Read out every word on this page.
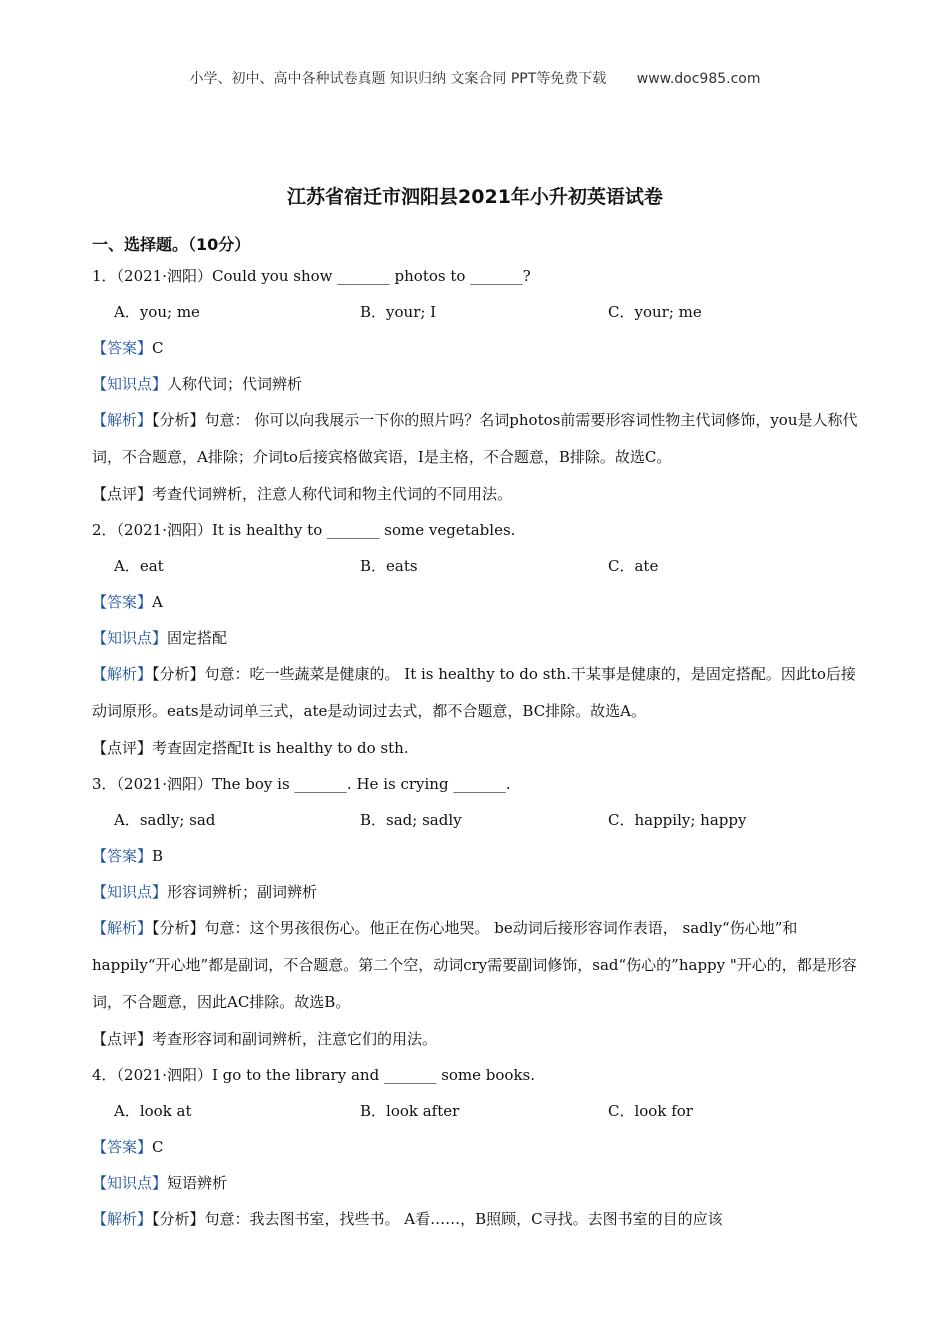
小学、初中、高中各种试卷真题 知识归纳 文案合同 PPT等免费下载 www.doc985.com
江苏省宿迁市泗阳县2021年小升初英语试卷
一、选择题。（10分）
1．（2021·泗阳）Could you show _______ photos to _______?
A．you; me	B．your; I	C．your; me
【答案】C
【知识点】人称代词；代词辨析
【解析】【分析】句意： 你可以向我展示一下你的照片吗？名词photos前需要形容词性物主代词修饰，you是人称代词，不合题意，A排除；介词to后接宾格做宾语，I是主格，不合题意，B排除。故选C。
【点评】考查代词辨析，注意人称代词和物主代词的不同用法。
2．（2021·泗阳）It is healthy to _______ some vegetables.
A．eat	B．eats	C．ate
【答案】A
【知识点】固定搭配
【解析】【分析】句意：吃一些蔬菜是健康的。 It is healthy to do sth.干某事是健康的，是固定搭配。因此to后接动词原形。eats是动词单三式，ate是动词过去式，都不合题意，BC排除。故选A。
【点评】考查固定搭配It is healthy to do sth.
3．（2021·泗阳）The boy is _______. He is crying _______.
A．sadly; sad	B．sad; sadly	C．happily; happy
【答案】B
【知识点】形容词辨析；副词辨析
【解析】【分析】句意：这个男孩很伤心。他正在伤心地哭。 be动词后接形容词作表语， sadly“伤心地”和happily“开心地”都是副词，不合题意。第二个空，动词cry需要副词修饰，sad“伤心的”happy "开心的，都是形容词，不合题意，因此AC排除。故选B。
【点评】考查形容词和副词辨析，注意它们的用法。
4．（2021·泗阳）I go to the library and _______ some books.
A．look at	B．look after	C．look for
【答案】C
【知识点】短语辨析
【解析】【分析】句意：我去图书室，找些书。 A看……，B照顾，C寻找。去图书室的目的应该
